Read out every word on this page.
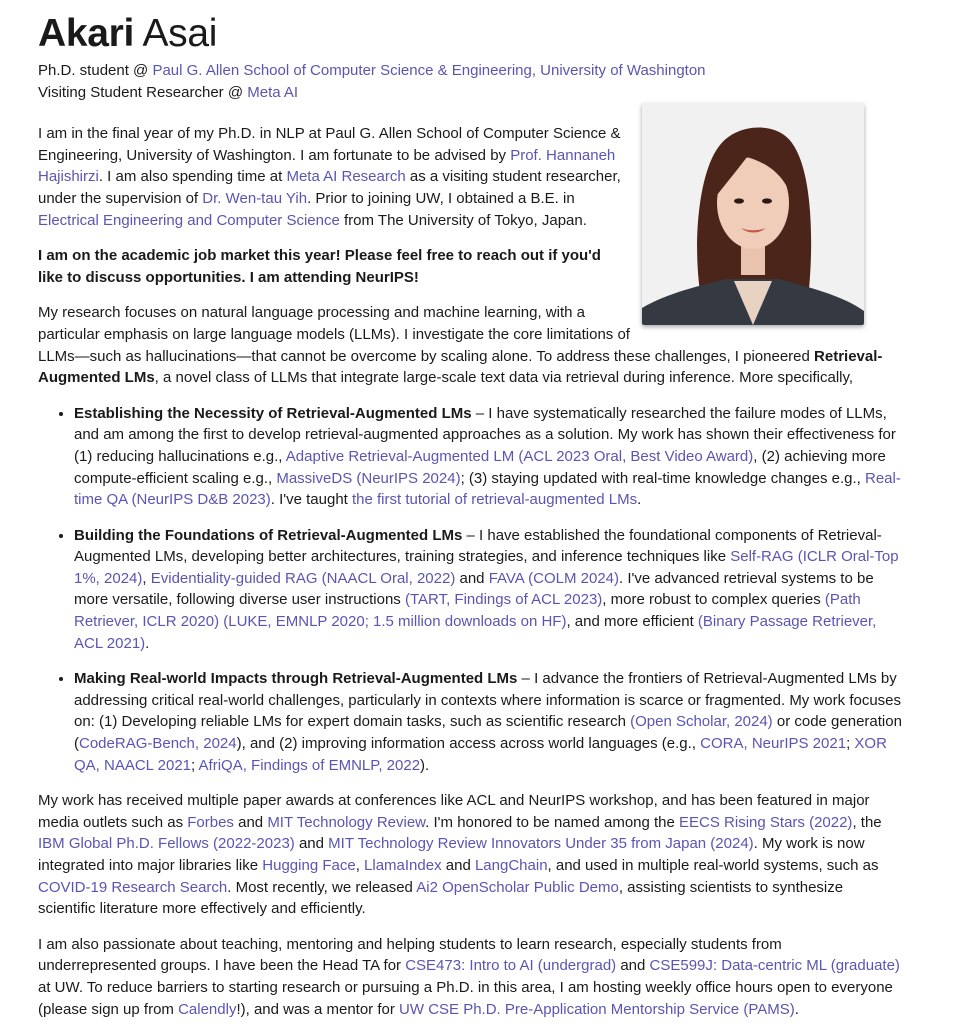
Akari Asai
Ph.D. student @ Paul G. Allen School of Computer Science & Engineering, University of Washington
Visiting Student Researcher @ Meta AI

I am in the final year of my Ph.D. in NLP at Paul G. Allen School of Computer Science & Engineering, University of Washington. I am fortunate to be advised by Prof. Hannaneh Hajishirzi. I am also spending time at Meta AI Research as a visiting student researcher, under the supervision of Dr. Wen-tau Yih. Prior to joining UW, I obtained a B.E. in Electrical Engineering and Computer Science from The University of Tokyo, Japan.

I am on the academic job market this year! Please feel free to reach out if you'd like to discuss opportunities. I am attending NeurIPS!

My research focuses on natural language processing and machine learning, with a particular emphasis on large language models (LLMs). I investigate the core limitations of LLMs—such as hallucinations—that cannot be overcome by scaling alone. To address these challenges, I pioneered Retrieval-Augmented LMs, a novel class of LLMs that integrate large-scale text data via retrieval during inference. More specifically,

• Establishing the Necessity of Retrieval-Augmented LMs – I have systematically researched the failure modes of LLMs, and am among the first to develop retrieval-augmented approaches as a solution. My work has shown their effectiveness for (1) reducing hallucinations e.g., Adaptive Retrieval-Augmented LM (ACL 2023 Oral, Best Video Award), (2) achieving more compute-efficient scaling e.g., MassiveDS (NeurIPS 2024); (3) staying updated with real-time knowledge changes e.g., Real-time QA (NeurIPS D&B 2023). I've taught the first tutorial of retrieval-augmented LMs.
• Building the Foundations of Retrieval-Augmented LMs – I have established the foundational components of Retrieval-Augmented LMs, developing better architectures, training strategies, and inference techniques like Self-RAG (ICLR Oral-Top 1%, 2024), Evidentiality-guided RAG (NAACL Oral, 2022) and FAVA (COLM 2024). I've advanced retrieval systems to be more versatile, following diverse user instructions (TART, Findings of ACL 2023), more robust to complex queries (Path Retriever, ICLR 2020) (LUKE, EMNLP 2020; 1.5 million downloads on HF), and more efficient (Binary Passage Retriever, ACL 2021).
• Making Real-world Impacts through Retrieval-Augmented LMs – I advance the frontiers of Retrieval-Augmented LMs by addressing critical real-world challenges, particularly in contexts where information is scarce or fragmented. My work focuses on: (1) Developing reliable LMs for expert domain tasks, such as scientific research (Open Scholar, 2024) or code generation (CodeRAG-Bench, 2024), and (2) improving information access across world languages (e.g., CORA, NeurIPS 2021; XOR QA, NAACL 2021; AfriQA, Findings of EMNLP, 2022).

My work has received multiple paper awards at conferences like ACL and NeurIPS workshop, and has been featured in major media outlets such as Forbes and MIT Technology Review. I'm honored to be named among the EECS Rising Stars (2022), the IBM Global Ph.D. Fellows (2022-2023) and MIT Technology Review Innovators Under 35 from Japan (2024). My work is now integrated into major libraries like Hugging Face, LlamaIndex and LangChain, and used in multiple real-world systems, such as COVID-19 Research Search. Most recently, we released Ai2 OpenScholar Public Demo, assisting scientists to synthesize scientific literature more effectively and efficiently.

I am also passionate about teaching, mentoring and helping students to learn research, especially students from underrepresented groups. I have been the Head TA for CSE473: Intro to AI (undergrad) and CSE599J: Data-centric ML (graduate) at UW. To reduce barriers to starting research or pursuing a Ph.D. in this area, I am hosting weekly office hours open to everyone (please sign up from Calendly!), and was a mentor for UW CSE Ph.D. Pre-Application Mentorship Service (PAMS).
